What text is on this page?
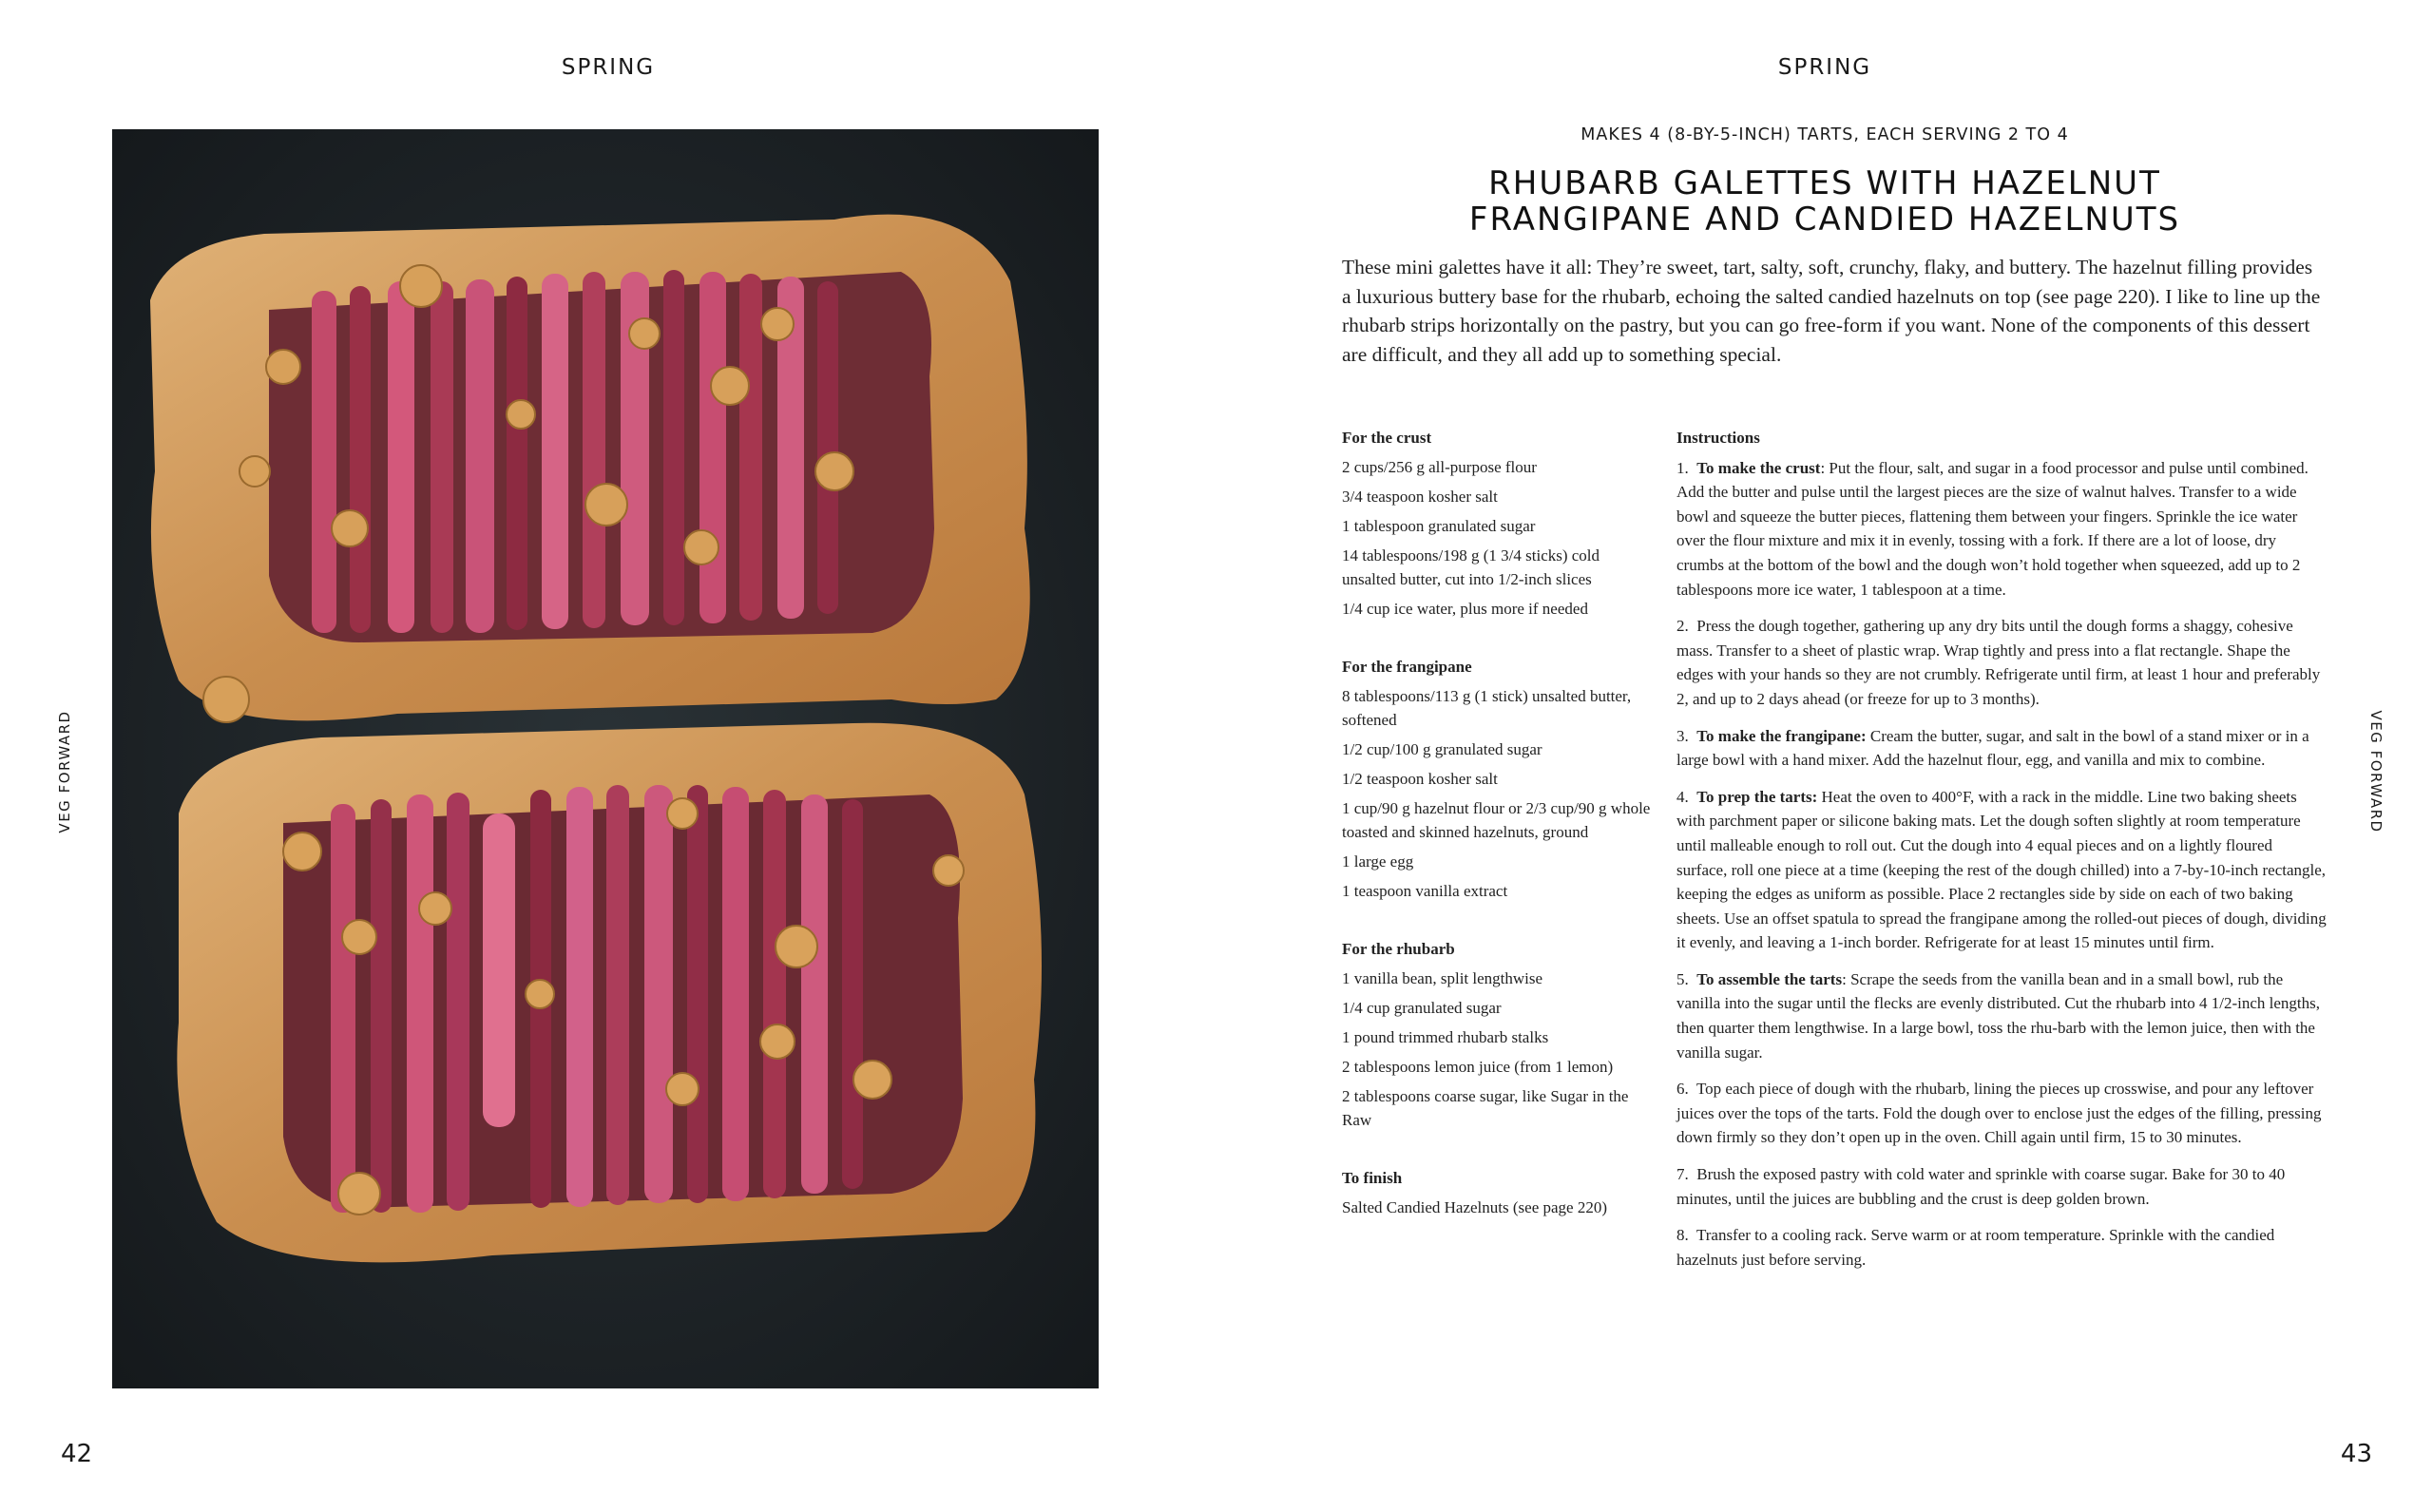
SPRING
VEG FORWARD
42
SPRING
VEG FORWARD
MAKES 4 (8-BY-5-INCH) TARTS, EACH SERVING 2 TO 4
RHUBARB GALETTES WITH HAZELNUT
FRANGIPANE AND CANDIED HAZELNUTS
These mini galettes have it all: They’re sweet, tart, salty, soft, crunchy, flaky, and buttery. The hazelnut filling provides a luxurious buttery base for the rhubarb, echoing the salted candied hazelnuts on top (see page 220). I like to line up the rhubarb strips horizontally on the pastry, but you can go free-form if you want. None of the components of this dessert are difficult, and they all add up to something special.
For the crust
2 cups/256 g all-purpose flour
3/4 teaspoon kosher salt
1 tablespoon granulated sugar
14 tablespoons/198 g (1 3/4 sticks) cold unsalted butter, cut into 1/2-inch slices
1/4 cup ice water, plus more if needed
For the frangipane
8 tablespoons/113 g (1 stick) unsalted butter, softened
1/2 cup/100 g granulated sugar
1/2 teaspoon kosher salt
1 cup/90 g hazelnut flour or 2/3 cup/90 g whole toasted and skinned hazelnuts, ground
1 large egg
1 teaspoon vanilla extract
For the rhubarb
1 vanilla bean, split lengthwise
1/4 cup granulated sugar
1 pound trimmed rhubarb stalks
2 tablespoons lemon juice (from 1 lemon)
2 tablespoons coarse sugar, like Sugar in the Raw
To finish
Salted Candied Hazelnuts (see page 220)
Instructions
1. To make the crust: Put the flour, salt, and sugar in a food processor and pulse until combined. Add the butter and pulse until the largest pieces are the size of walnut halves. Transfer to a wide bowl and squeeze the butter pieces, flattening them between your fingers. Sprinkle the ice water over the flour mixture and mix it in evenly, tossing with a fork. If there are a lot of loose, dry crumbs at the bottom of the bowl and the dough won’t hold together when squeezed, add up to 2 tablespoons more ice water, 1 tablespoon at a time.
2. Press the dough together, gathering up any dry bits until the dough forms a shaggy, cohesive mass. Transfer to a sheet of plastic wrap. Wrap tightly and press into a flat rectangle. Shape the edges with your hands so they are not crumbly. Refrigerate until firm, at least 1 hour and preferably 2, and up to 2 days ahead (or freeze for up to 3 months).
3. To make the frangipane: Cream the butter, sugar, and salt in the bowl of a stand mixer or in a large bowl with a hand mixer. Add the hazelnut flour, egg, and vanilla and mix to combine.
4. To prep the tarts: Heat the oven to 400°F, with a rack in the middle. Line two baking sheets with parchment paper or silicone baking mats. Let the dough soften slightly at room temperature until malleable enough to roll out. Cut the dough into 4 equal pieces and on a lightly floured surface, roll one piece at a time (keeping the rest of the dough chilled) into a 7-by-10-inch rectangle, keeping the edges as uniform as possible. Place 2 rectangles side by side on each of two baking sheets. Use an offset spatula to spread the frangipane among the rolled-out pieces of dough, dividing it evenly, and leaving a 1-inch border. Refrigerate for at least 15 minutes until firm.
5. To assemble the tarts: Scrape the seeds from the vanilla bean and in a small bowl, rub the vanilla into the sugar until the flecks are evenly distributed. Cut the rhubarb into 4 1/2-inch lengths, then quarter them lengthwise. In a large bowl, toss the rhu-barb with the lemon juice, then with the vanilla sugar.
6. Top each piece of dough with the rhubarb, lining the pieces up crosswise, and pour any leftover juices over the tops of the tarts. Fold the dough over to enclose just the edges of the filling, pressing down firmly so they don’t open up in the oven. Chill again until firm, 15 to 30 minutes.
7. Brush the exposed pastry with cold water and sprinkle with coarse sugar. Bake for 30 to 40 minutes, until the juices are bubbling and the crust is deep golden brown.
8. Transfer to a cooling rack. Serve warm or at room temperature. Sprinkle with the candied hazelnuts just before serving.
43
